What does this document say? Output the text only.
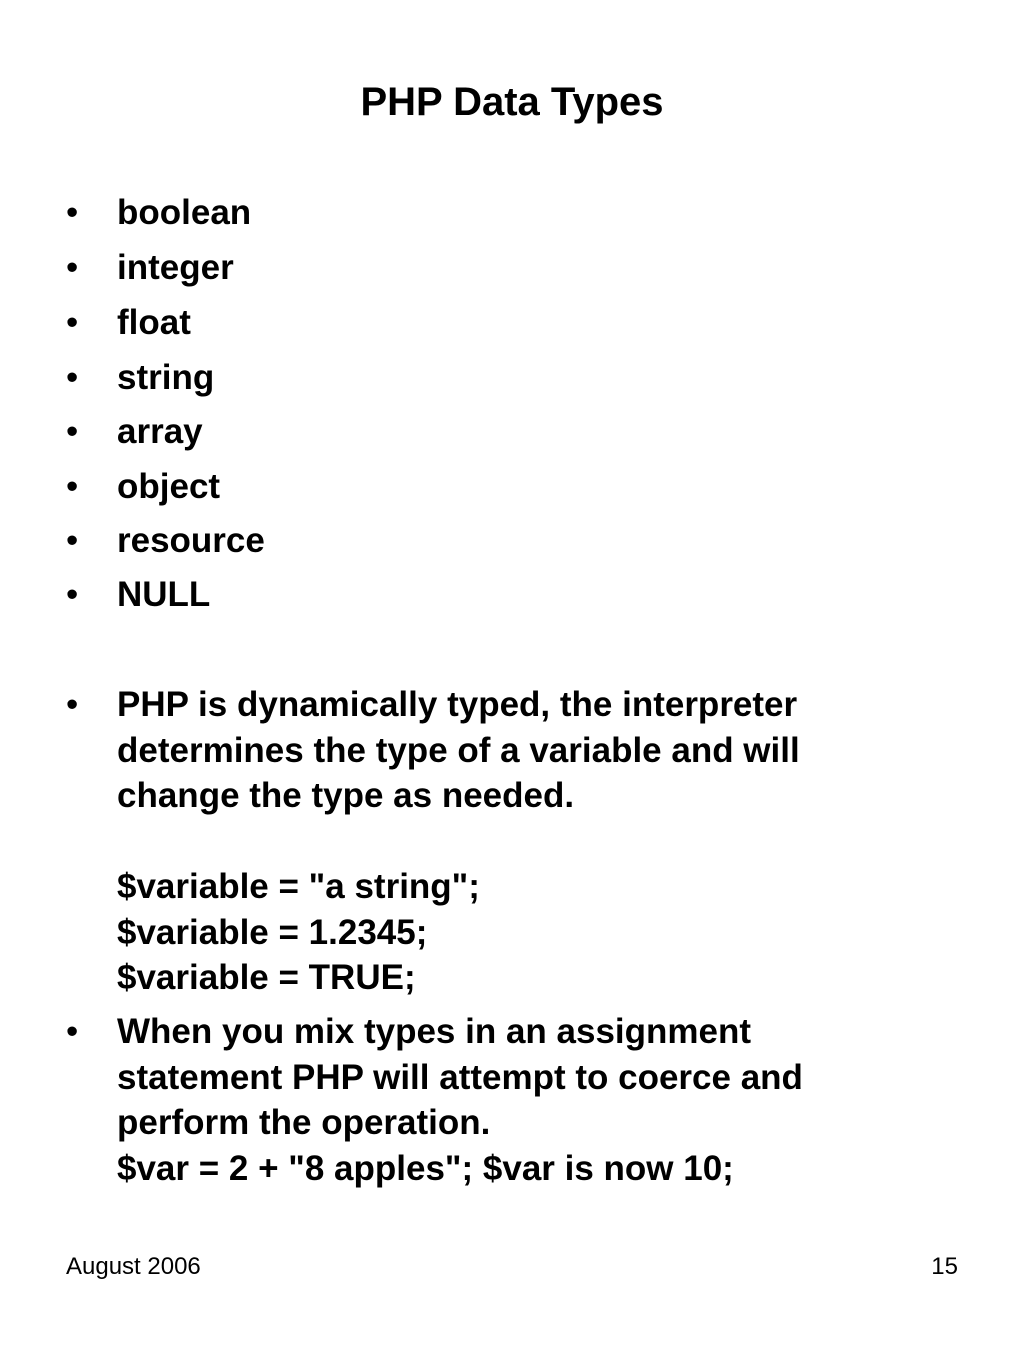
PHP Data Types
• boolean
• integer
• float
• string
• array
• object
• resource
• NULL
• PHP is dynamically typed, the interpreter
determines the type of a variable and will
change the type as needed.
$variable = "a string";
$variable = 1.2345;
$variable = TRUE;
• When you mix types in an assignment
statement PHP will attempt to coerce and
perform the operation.
$var = 2 + "8 apples"; $var is now 10;
August 2006	15
